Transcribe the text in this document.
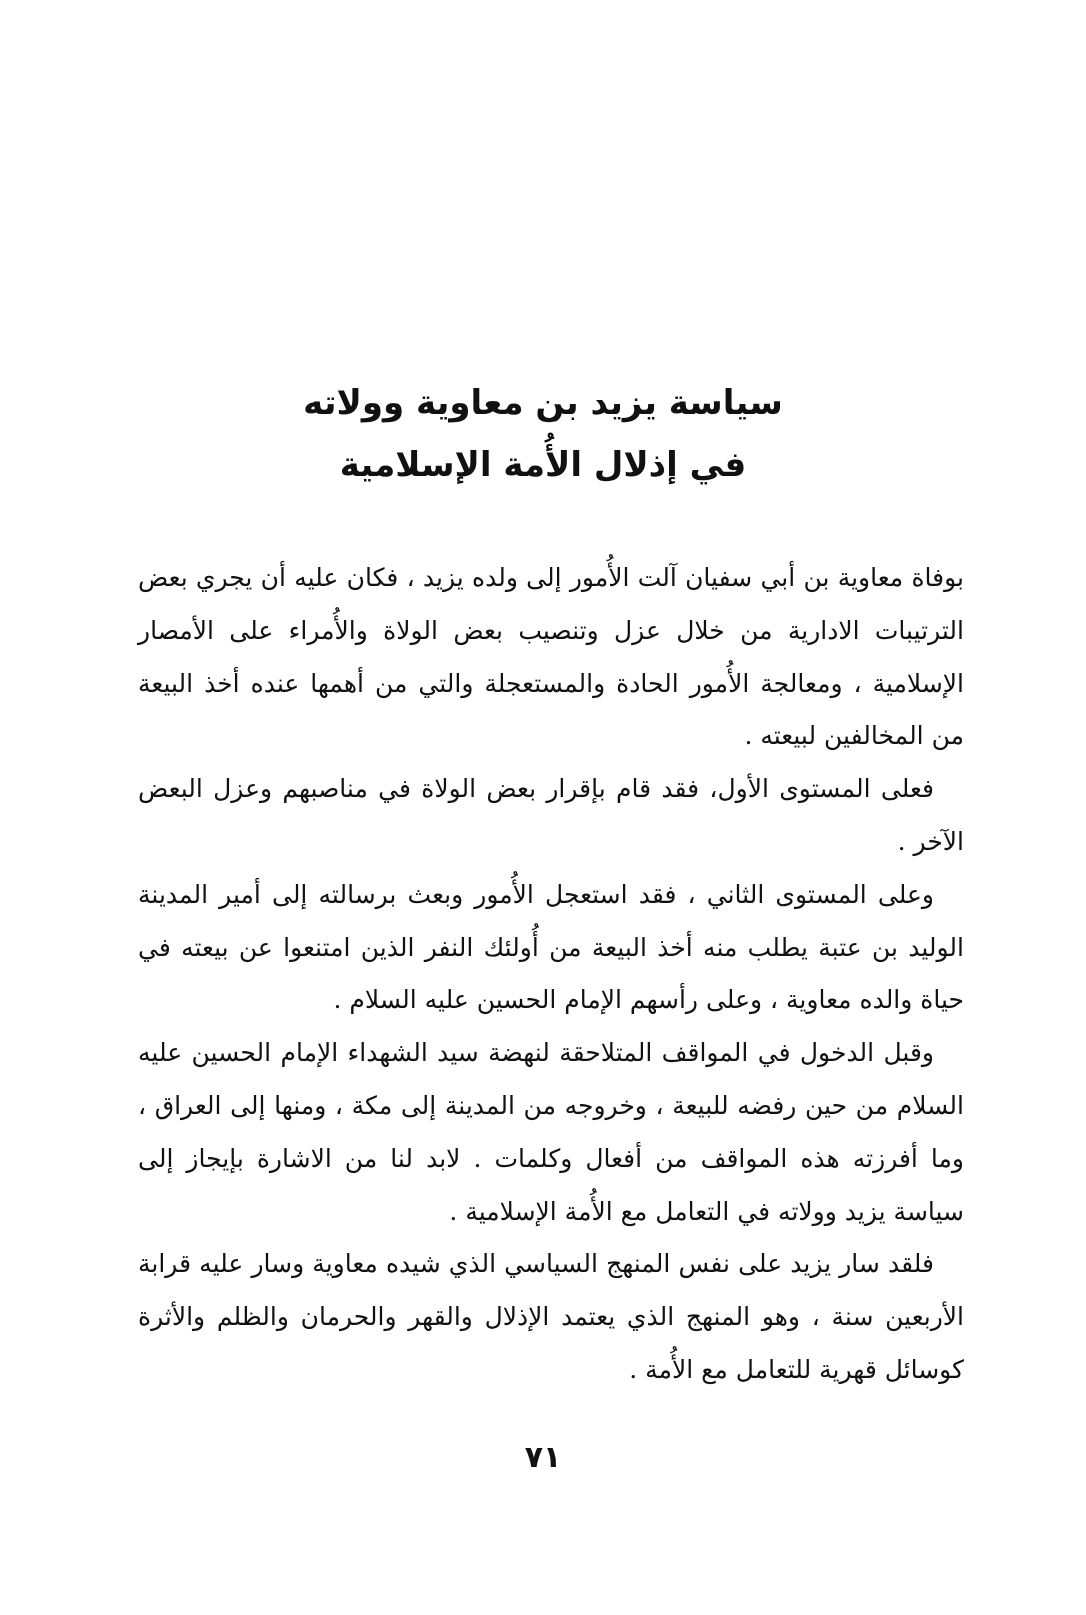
سياسة يزيد بن معاوية وولاته
في إذلال الأُمة الإسلامية

بوفاة معاوية بن أبي سفيان آلت الأُمور إلى ولده يزيد ، فكان عليه أن يجري بعض الترتيبات الادارية من خلال عزل وتنصيب بعض الولاة والأُمراء على الأمصار الإسلامية ، ومعالجة الأُمور الحادة والمستعجلة والتي من أهمها عنده أخذ البيعة من المخالفين لبيعته .

فعلى المستوى الأول، فقد قام بإقرار بعض الولاة في مناصبهم وعزل البعض الآخر .

وعلى المستوى الثاني ، فقد استعجل الأُمور وبعث برسالته إلى أمير المدينة الوليد بن عتبة يطلب منه أخذ البيعة من أُولئك النفر الذين امتنعوا عن بيعته في حياة والده معاوية ، وعلى رأسهم الإمام الحسين عليه السلام .

وقبل الدخول في المواقف المتلاحقة لنهضة سيد الشهداء الإمام الحسين عليه السلام من حين رفضه للبيعة ، وخروجه من المدينة إلى مكة ، ومنها إلى العراق ، وما أفرزته هذه المواقف من أفعال وكلمات . لابد لنا من الاشارة بإيجاز إلى سياسة يزيد وولاته في التعامل مع الأُمة الإسلامية .

فلقد سار يزيد على نفس المنهج السياسي الذي شيده معاوية وسار عليه قرابة الأربعين سنة ، وهو المنهج الذي يعتمد الإذلال والقهر والحرمان والظلم والأثرة كوسائل قهرية للتعامل مع الأُمة .

٧١
